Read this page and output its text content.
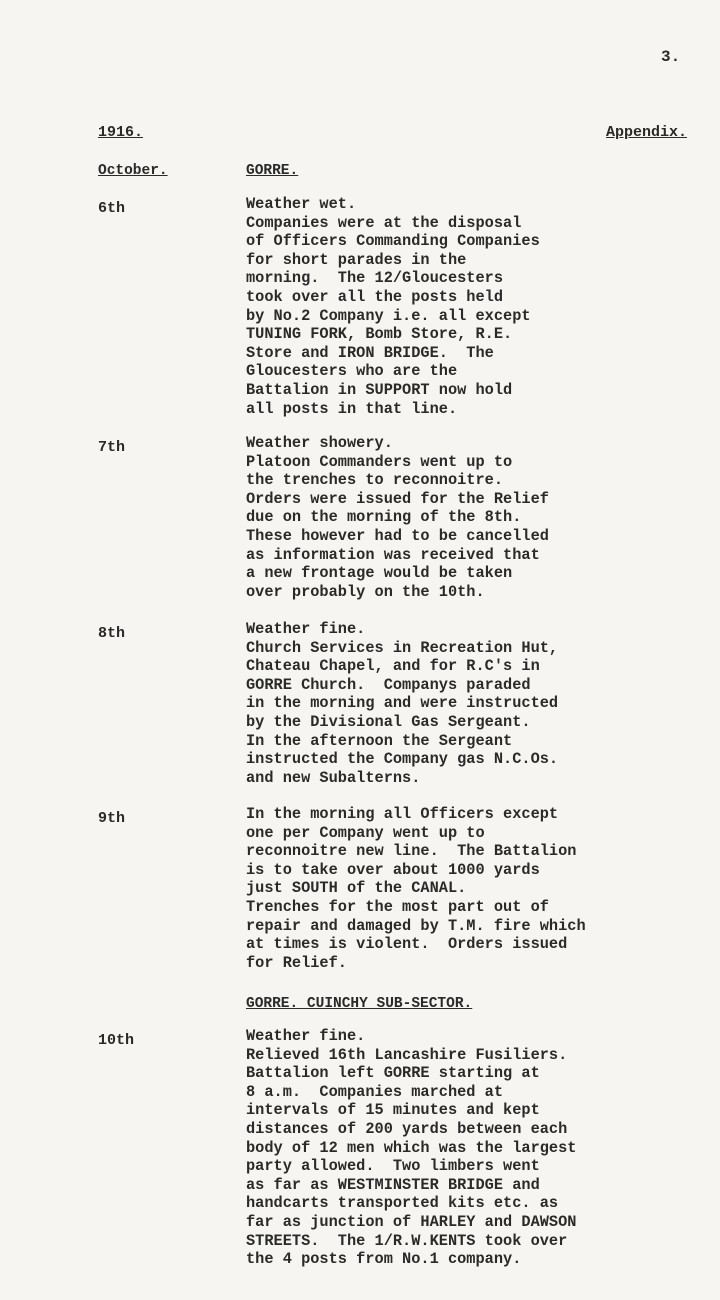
3.
1916.	Appendix.
October.	GORRE.
6th	Weather wet.
Companies were at the disposal
of Officers Commanding Companies
for short parades in the
morning.  The 12/Gloucesters
took over all the posts held
by No.2 Company i.e. all except
TUNING FORK, Bomb Store, R.E.
Store and IRON BRIDGE.  The
Gloucesters who are the
Battalion in SUPPORT now hold
all posts in that line.
7th	Weather showery.
Platoon Commanders went up to
the trenches to reconnoitre.
Orders were issued for the Relief
due on the morning of the 8th.
These however had to be cancelled
as information was received that
a new frontage would be taken
over probably on the 10th.
8th	Weather fine.
Church Services in Recreation Hut,
Chateau Chapel, and for R.C's in
GORRE Church.  Companys paraded
in the morning and were instructed
by the Divisional Gas Sergeant.
In the afternoon the Sergeant
instructed the Company gas N.C.Os.
and new Subalterns.
9th	In the morning all Officers except
one per Company went up to
reconnoitre new line.  The Battalion
is to take over about 1000 yards
just SOUTH of the CANAL.
Trenches for the most part out of
repair and damaged by T.M. fire which
at times is violent.  Orders issued
for Relief.
GORRE. CUINCHY SUB-SECTOR.
10th	Weather fine.
Relieved 16th Lancashire Fusiliers.
Battalion left GORRE starting at
8 a.m.  Companies marched at
intervals of 15 minutes and kept
distances of 200 yards between each
body of 12 men which was the largest
party allowed.  Two limbers went
as far as WESTMINSTER BRIDGE and
handcarts transported kits etc. as
far as junction of HARLEY and DAWSON
STREETS.  The 1/R.W.KENTS took over
the 4 posts from No.1 company.
